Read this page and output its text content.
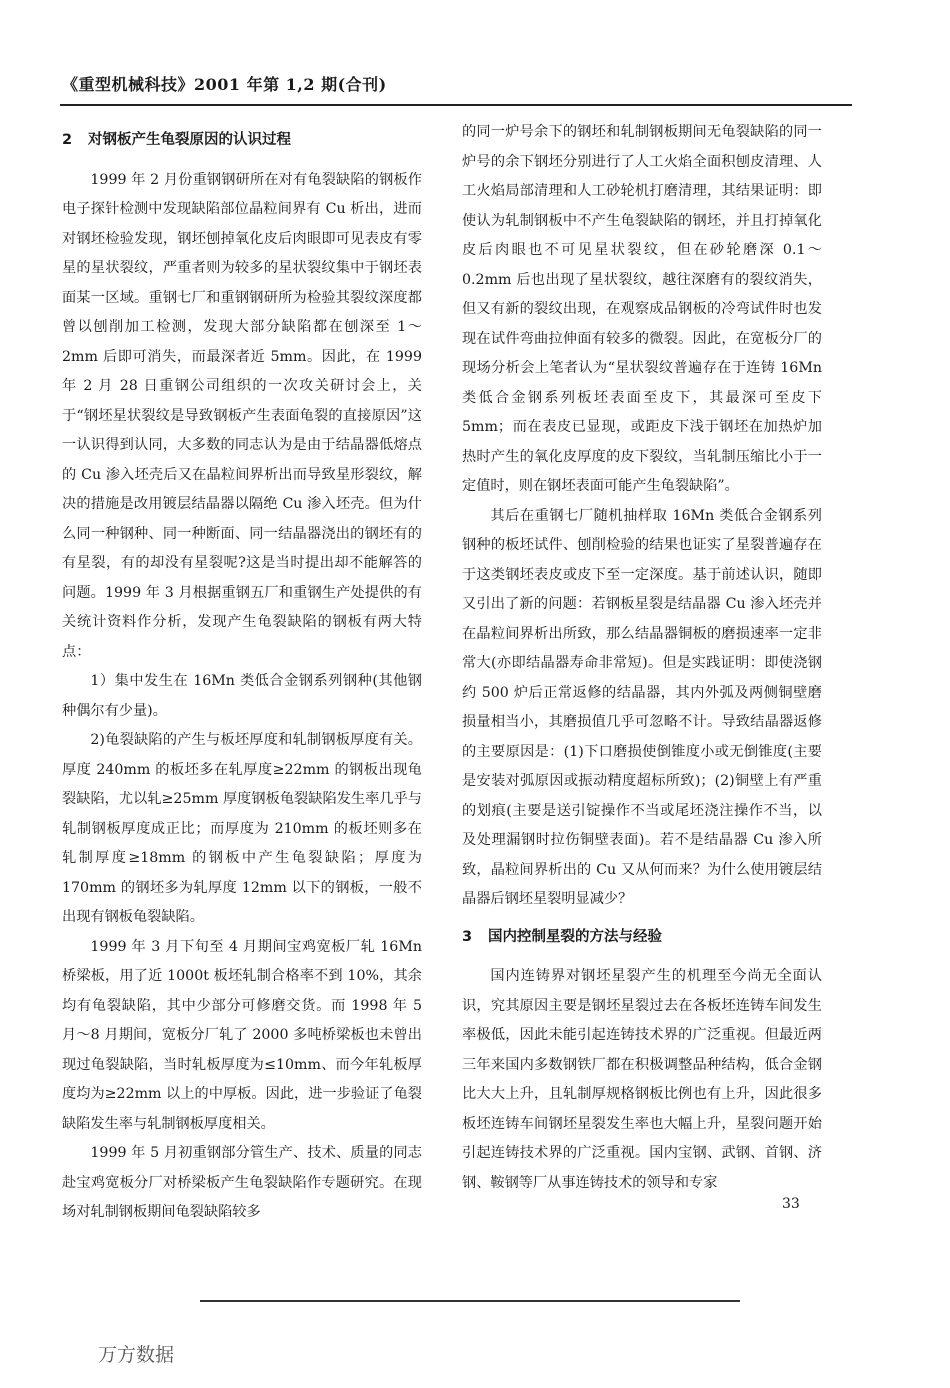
《重型机械科技》2001 年第 1,2 期(合刊)
2 对钢板产生龟裂原因的认识过程

1999 年 2 月份重钢钢研所在对有龟裂缺陷的钢板作电子探针检测中发现缺陷部位晶粒间界有 Cu 析出，进而对钢坯检验发现，钢坯刨掉氧化皮后肉眼即可见表皮有零星的星状裂纹，严重者则为较多的星状裂纹集中于钢坯表面某一区域。重钢七厂和重钢钢研所为检验其裂纹深度都曾以刨削加工检测，发现大部分缺陷都在刨深至 1～2mm 后即可消失，而最深者近 5mm。因此，在 1999 年 2 月 28 日重钢公司组织的一次攻关研讨会上，关于“钢坯星状裂纹是导致钢板产生表面龟裂的直接原因”这一认识得到认同，大多数的同志认为是由于结晶器低熔点的 Cu 渗入坯壳后又在晶粒间界析出而导致星形裂纹，解决的措施是改用镀层结晶器以隔绝 Cu 渗入坯壳。但为什么同一种钢种、同一种断面、同一结晶器浇出的钢坯有的有星裂，有的却没有星裂呢?这是当时提出却不能解答的问题。1999 年 3 月根据重钢五厂和重钢生产处提供的有关统计资料作分析，发现产生龟裂缺陷的钢板有两大特点：

1）集中发生在 16Mn 类低合金钢系列钢种(其他钢种偶尔有少量)。

2)龟裂缺陷的产生与板坯厚度和轧制钢板厚度有关。厚度 240mm 的板坯多在轧厚度≥22mm 的钢板出现龟裂缺陷，尤以轧≥25mm 厚度钢板龟裂缺陷发生率几乎与轧制钢板厚度成正比；而厚度为 210mm 的板坯则多在轧制厚度≥18mm 的钢板中产生龟裂缺陷；厚度为 170mm 的钢坯多为轧厚度 12mm 以下的钢板，一般不出现有钢板龟裂缺陷。

1999 年 3 月下旬至 4 月期间宝鸡宽板厂轧 16Mn 桥梁板，用了近 1000t 板坯轧制合格率不到 10%，其余均有龟裂缺陷，其中少部分可修磨交货。而 1998 年 5 月～8 月期间，宽板分厂轧了 2000 多吨桥梁板也未曾出现过龟裂缺陷，当时轧板厚度为≤10mm、而今年轧板厚度均为≥22mm 以上的中厚板。因此，进一步验证了龟裂缺陷发生率与轧制钢板厚度相关。

1999 年 5 月初重钢部分管生产、技术、质量的同志赴宝鸡宽板分厂对桥梁板产生龟裂缺陷作专题研究。在现场对轧制钢板期间龟裂缺陷较多

的同一炉号余下的钢坯和轧制钢板期间无龟裂缺陷的同一炉号的余下钢坯分别进行了人工火焰全面积刨皮清理、人工火焰局部清理和人工砂轮机打磨清理，其结果证明：即使认为轧制钢板中不产生龟裂缺陷的钢坯，并且打掉氧化皮后肉眼也不可见星状裂纹，但在砂轮磨深 0.1～0.2mm 后也出现了星状裂纹，越往深磨有的裂纹消失，但又有新的裂纹出现，在观察成品钢板的冷弯试件时也发现在试件弯曲拉伸面有较多的微裂。因此，在宽板分厂的现场分析会上笔者认为“星状裂纹普遍存在于连铸 16Mn 类低合金钢系列板坯表面至皮下，其最深可至皮下 5mm；而在表皮已显现，或距皮下浅于钢坯在加热炉加热时产生的氧化皮厚度的皮下裂纹，当轧制压缩比小于一定值时，则在钢坯表面可能产生龟裂缺陷”。

其后在重钢七厂随机抽样取 16Mn 类低合金钢系列钢种的板坯试件、刨削检验的结果也证实了星裂普遍存在于这类钢坯表皮或皮下至一定深度。基于前述认识，随即又引出了新的问题：若钢板星裂是结晶器 Cu 渗入坯壳并在晶粒间界析出所致，那么结晶器铜板的磨损速率一定非常大(亦即结晶器寿命非常短)。但是实践证明：即使浇钢约 500 炉后正常返修的结晶器，其内外弧及两侧铜壁磨损量相当小，其磨损值几乎可忽略不计。导致结晶器返修的主要原因是：(1)下口磨损使倒锥度小或无倒锥度(主要是安装对弧原因或振动精度超标所致)；(2)铜壁上有严重的划痕(主要是送引锭操作不当或尾坯浇注操作不当，以及处理漏钢时拉伤铜壁表面)。若不是结晶器 Cu 渗入所致，晶粒间界析出的 Cu 又从何而来？为什么使用镀层结晶器后钢坯星裂明显减少？

3 国内控制星裂的方法与经验

国内连铸界对钢坯星裂产生的机理至今尚无全面认识，究其原因主要是钢坯星裂过去在各板坯连铸车间发生率极低，因此未能引起连铸技术界的广泛重视。但最近两三年来国内多数钢铁厂都在积极调整品种结构，低合金钢比大大上升，且轧制厚规格钢板比例也有上升，因此很多板坯连铸车间钢坯星裂发生率也大幅上升，星裂问题开始引起连铸技术界的广泛重视。国内宝钢、武钢、首钢、济钢、鞍钢等厂从事连铸技术的领导和专家

33
万方数据
